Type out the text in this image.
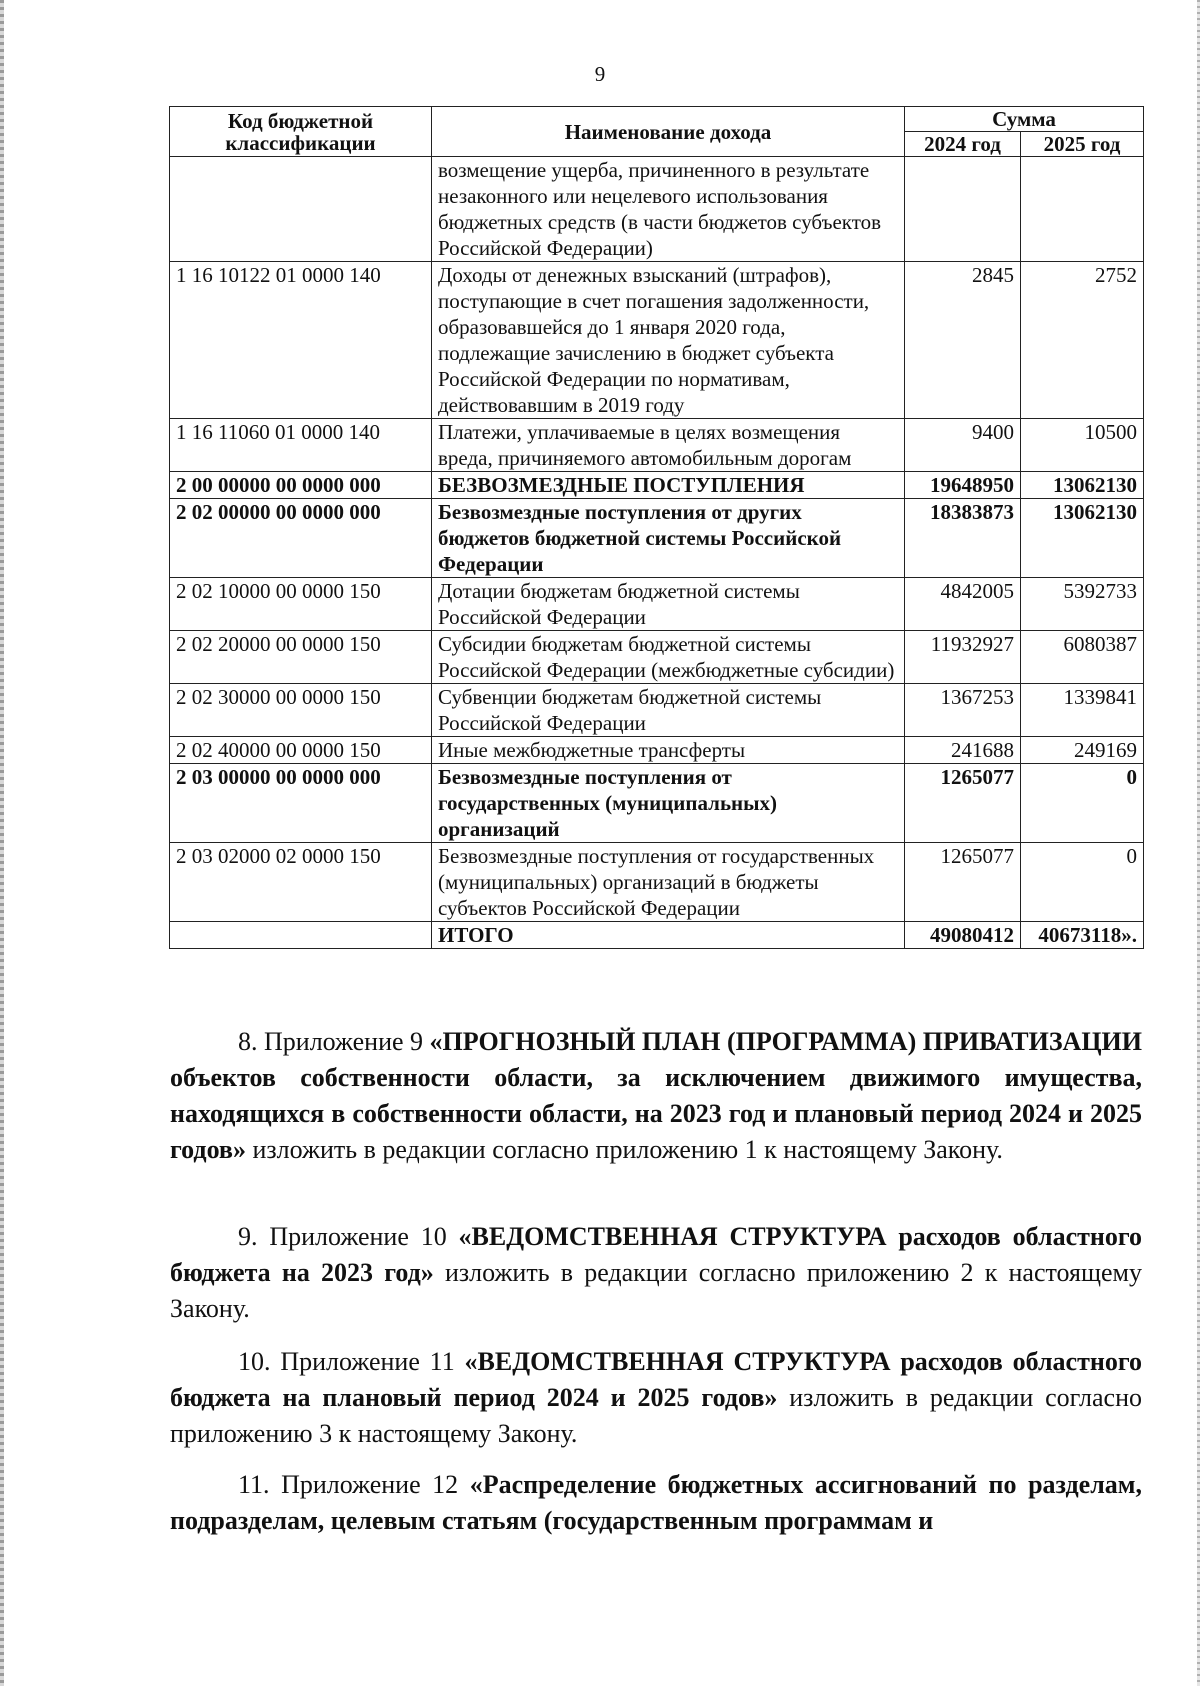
9
Код бюджетной классификации	Наименование дохода	Сумма	
		2024 год	2025 год
	возмещение ущерба, причиненного в результате незаконного или нецелевого использования бюджетных средств (в части бюджетов субъектов Российской Федерации)		
1 16 10122 01 0000 140	Доходы от денежных взысканий (штрафов), поступающие в счет погашения задолженности, образовавшейся до 1 января 2020 года, подлежащие зачислению в бюджет субъекта Российской Федерации по нормативам, действовавшим в 2019 году	2845	2752
1 16 11060 01 0000 140	Платежи, уплачиваемые в целях возмещения вреда, причиняемого автомобильным дорогам	9400	10500
2 00 00000 00 0000 000	БЕЗВОЗМЕЗДНЫЕ ПОСТУПЛЕНИЯ	19648950	13062130
2 02 00000 00 0000 000	Безвозмездные поступления от других бюджетов бюджетной системы Российской Федерации	18383873	13062130
2 02 10000 00 0000 150	Дотации бюджетам бюджетной системы Российской Федерации	4842005	5392733
2 02 20000 00 0000 150	Субсидии бюджетам бюджетной системы Российской Федерации (межбюджетные субсидии)	11932927	6080387
2 02 30000 00 0000 150	Субвенции бюджетам бюджетной системы Российской Федерации	1367253	1339841
2 02 40000 00 0000 150	Иные межбюджетные трансферты	241688	249169
2 03 00000 00 0000 000	Безвозмездные поступления от государственных (муниципальных) организаций	1265077	0
2 03 02000 02 0000 150	Безвозмездные поступления от государственных (муниципальных) организаций в бюджеты субъектов Российской Федерации	1265077	0
	ИТОГО	49080412	40673118».

8. Приложение 9 «ПРОГНОЗНЫЙ ПЛАН (ПРОГРАММА) ПРИВАТИЗАЦИИ объектов собственности области, за исключением движимого имущества, находящихся в собственности области, на 2023 год и плановый период 2024 и 2025 годов» изложить в редакции согласно приложению 1 к настоящему Закону.

9. Приложение 10 «ВЕДОМСТВЕННАЯ СТРУКТУРА расходов областного бюджета на 2023 год» изложить в редакции согласно приложению 2 к настоящему Закону.

10. Приложение 11 «ВЕДОМСТВЕННАЯ СТРУКТУРА расходов областного бюджета на плановый период 2024 и 2025 годов» изложить в редакции согласно приложению 3 к настоящему Закону.

11. Приложение 12 «Распределение бюджетных ассигнований по разделам, подразделам, целевым статьям (государственным программам и
